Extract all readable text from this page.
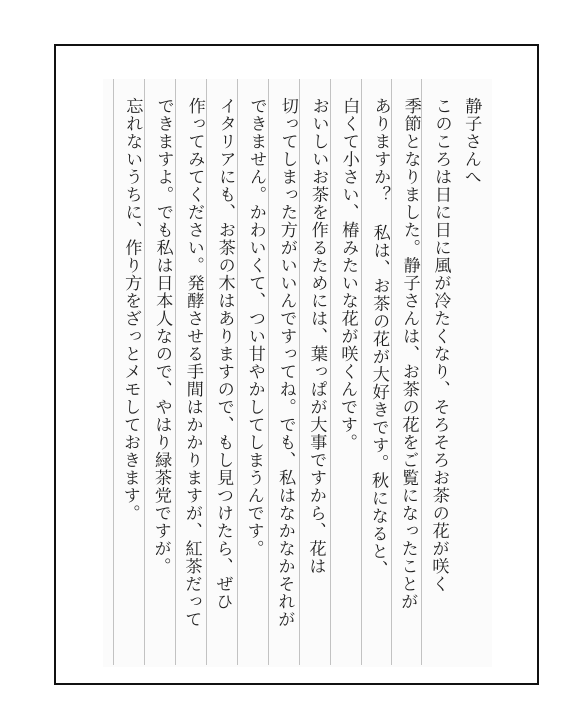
静子さんへ
このころは日に日に風が冷たくなり、そろそろお茶の花が咲く
季節となりました。静子さんは、お茶の花をご覧になったことが
ありますか？ 私は、お茶の花が大好きです。秋になると、
白くて小さい、椿みたいな花が咲くんです。
おいしいお茶を作るためには、葉っぱが大事ですから、花は
切ってしまった方がいいんですってね。でも、私はなかなかそれが
できません。かわいくて、つい甘やかしてしまうんです。
イタリアにも、お茶の木はありますので、もし見つけたら、ぜひ
作ってみてください。発酵させる手間はかかりますが、紅茶だって
できますよ。でも私は日本人なので、やはり緑茶党ですが。
忘れないうちに、作り方をざっとメモしておきます。
